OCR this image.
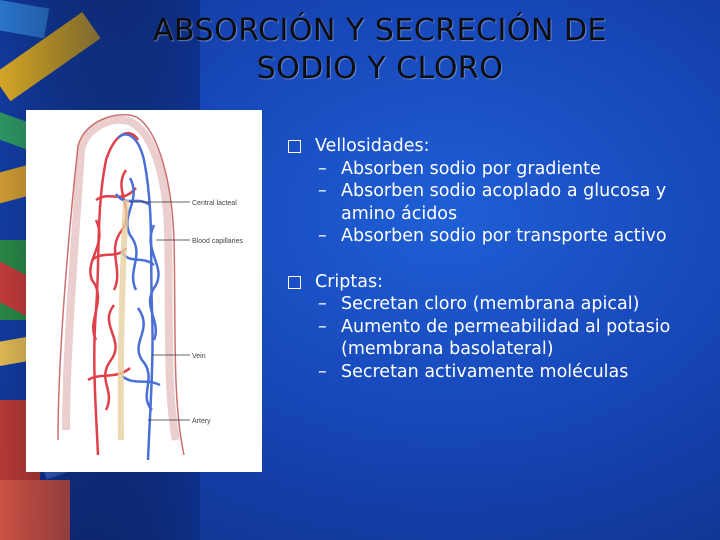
ABSORCIÓN Y SECRECIÓN DE
SODIO Y CLORO
Central lacteal
Blood capillaries
Vein
Artery
Vellosidades:
– Absorben sodio por gradiente
– Absorben sodio acoplado a glucosa y amino ácidos
– Absorben sodio por transporte activo
Criptas:
– Secretan cloro (membrana apical)
– Aumento de permeabilidad al potasio (membrana basolateral)
– Secretan activamente moléculas
